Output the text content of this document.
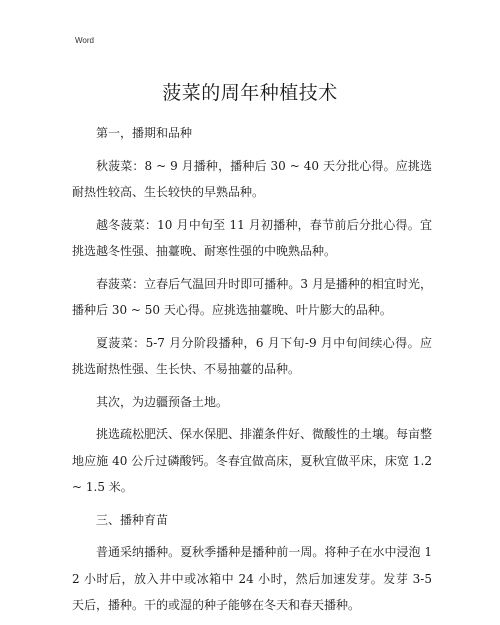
Word
菠菜的周年种植技术

第一，播期和品种

秋菠菜：8 ~ 9 月播种，播种后 30 ~ 40 天分批心得。应挑选耐热性较高、生长较快的早熟品种。

越冬菠菜：10 月中旬至 11 月初播种，春节前后分批心得。宜挑选越冬性强、抽薹晚、耐寒性强的中晚熟品种。

春菠菜：立春后气温回升时即可播种。3 月是播种的相宜时光，播种后 30 ~ 50 天心得。应挑选抽薹晚、叶片膨大的品种。

夏菠菜：5-7 月分阶段播种，6 月下旬-9 月中旬间续心得。应挑选耐热性强、生长快、不易抽薹的品种。

其次，为边疆预备土地。

挑选疏松肥沃、保水保肥、排灌条件好、微酸性的土壤。每亩整地应施 40 公斤过磷酸钙。冬春宜做高床，夏秋宜做平床，床宽 1.2 ~ 1.5 米。

三、播种育苗

普通采纳播种。夏秋季播种是播种前一周。将种子在水中浸泡 12 小时后，放入井中或冰箱中 24 小时，然后加速发芽。发芽 3-5 天后，播种。干的或湿的种子能够在冬天和春天播种。
